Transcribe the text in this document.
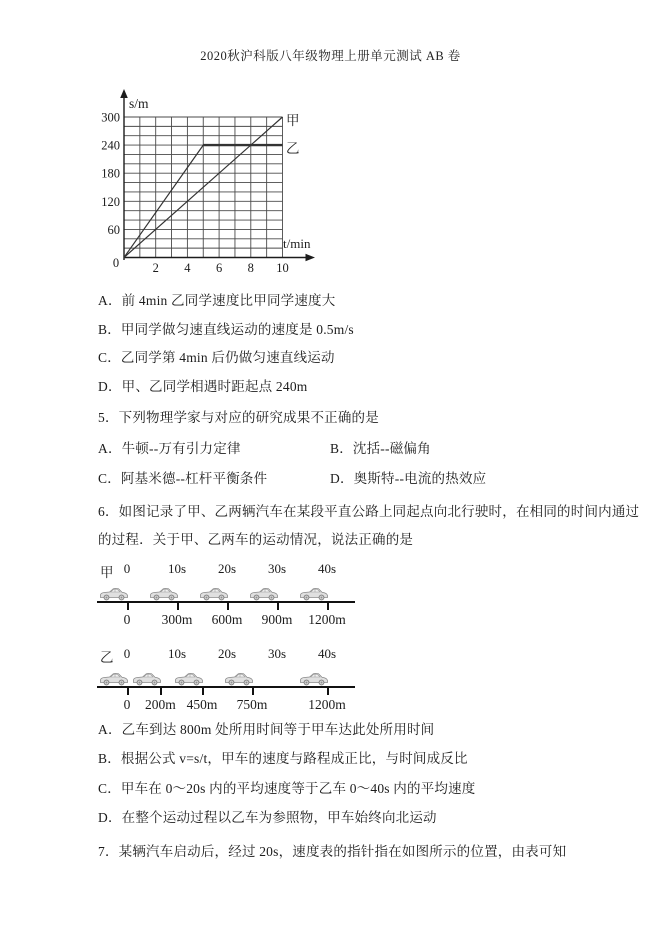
2020秋沪科版八年级物理上册单元测试 AB 卷
s/m
t/min
60
120
180
240
300
2 4 6 8 10
0
甲
乙
A．前 4min 乙同学速度比甲同学速度大
B．甲同学做匀速直线运动的速度是 0.5m/s
C．乙同学第 4min 后仍做匀速直线运动
D．甲、乙同学相遇时距起点 240m
5．下列物理学家与对应的研究成果不正确的是
A．牛顿--万有引力定律	B．沈括--磁偏角
C．阿基米德--杠杆平衡条件	D．奥斯特--电流的热效应
6．如图记录了甲、乙两辆汽车在某段平直公路上同起点向北行驶时，在相同的时间内通过
的过程．关于甲、乙两车的运动情况，说法正确的是
甲 0	10s 20s 30s 40s
0 300m 600m 900m 1200m
乙 0	10s 20s 30s 40s
0 200m 450m 750m	1200m
A．乙车到达 800m 处所用时间等于甲车达此处所用时间
B．根据公式 v=s/t，甲车的速度与路程成正比，与时间成反比
C．甲车在 0～20s 内的平均速度等于乙车 0～40s 内的平均速度
D．在整个运动过程以乙车为参照物，甲车始终向北运动
7．某辆汽车启动后，经过 20s，速度表的指针指在如图所示的位置，由表可知
